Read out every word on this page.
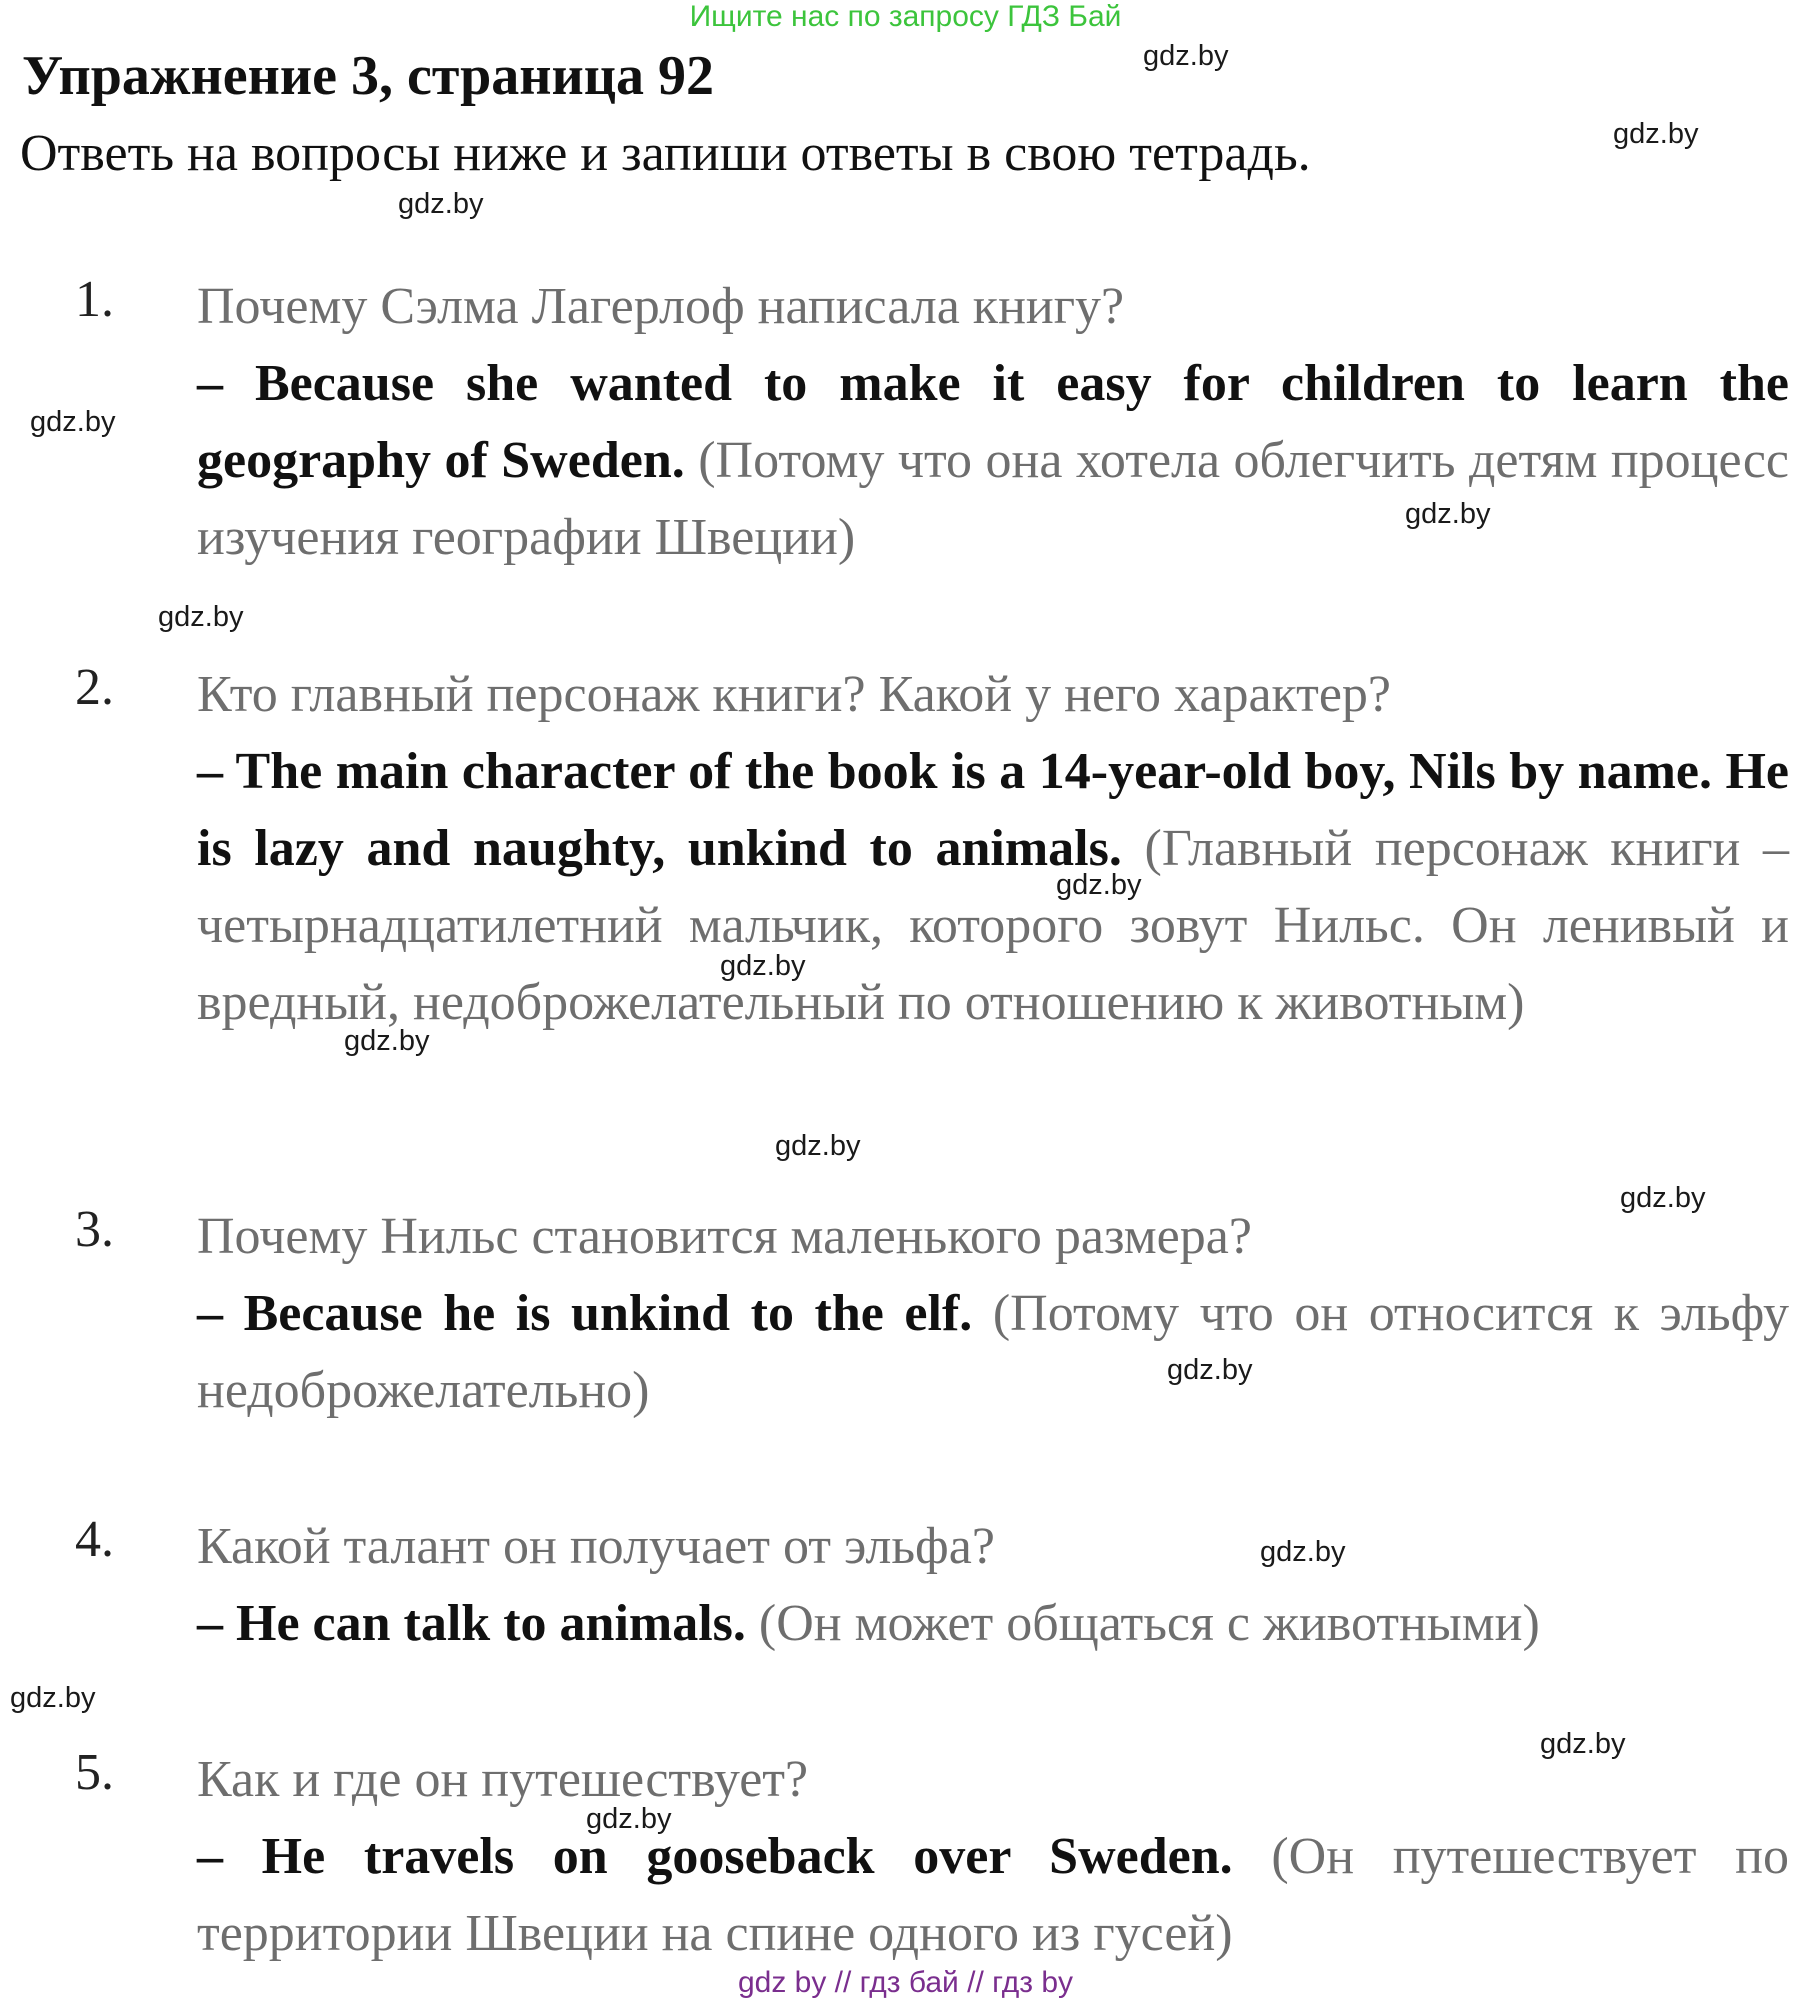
Ищите нас по запросу ГДЗ Бай
Упражнение 3, страница 92
Ответь на вопросы ниже и запиши ответы в свою тетрадь.
1. Почему Сэлма Лагерлоф написала книгу?
– Because she wanted to make it easy for children to learn the geography of Sweden. (Потому что она хотела облегчить детям процесс изучения географии Швеции)
2. Кто главный персонаж книги? Какой у него характер?
– The main character of the book is a 14-year-old boy, Nils by name. He is lazy and naughty, unkind to animals. (Главный персонаж книги – четырнадцатилетний мальчик, которого зовут Нильс. Он ленивый и вредный, недоброжелательный по отношению к животным)
3. Почему Нильс становится маленького размера?
– Because he is unkind to the elf. (Потому что он относится к эльфу недоброжелательно)
4. Какой талант он получает от эльфа?
– He can talk to animals. (Он может общаться с животными)
5. Как и где он путешествует?
– He travels on gooseback over Sweden. (Он путешествует по территории Швеции на спине одного из гусей)
gdz.by
gdz.by
gdz.by
gdz.by
gdz.by
gdz.by
gdz.by
gdz.by
gdz.by
gdz.by
gdz.by
gdz.by
gdz.by
gdz.by
gdz.by
gdz.by
gdz by // гдз бай // гдз by
